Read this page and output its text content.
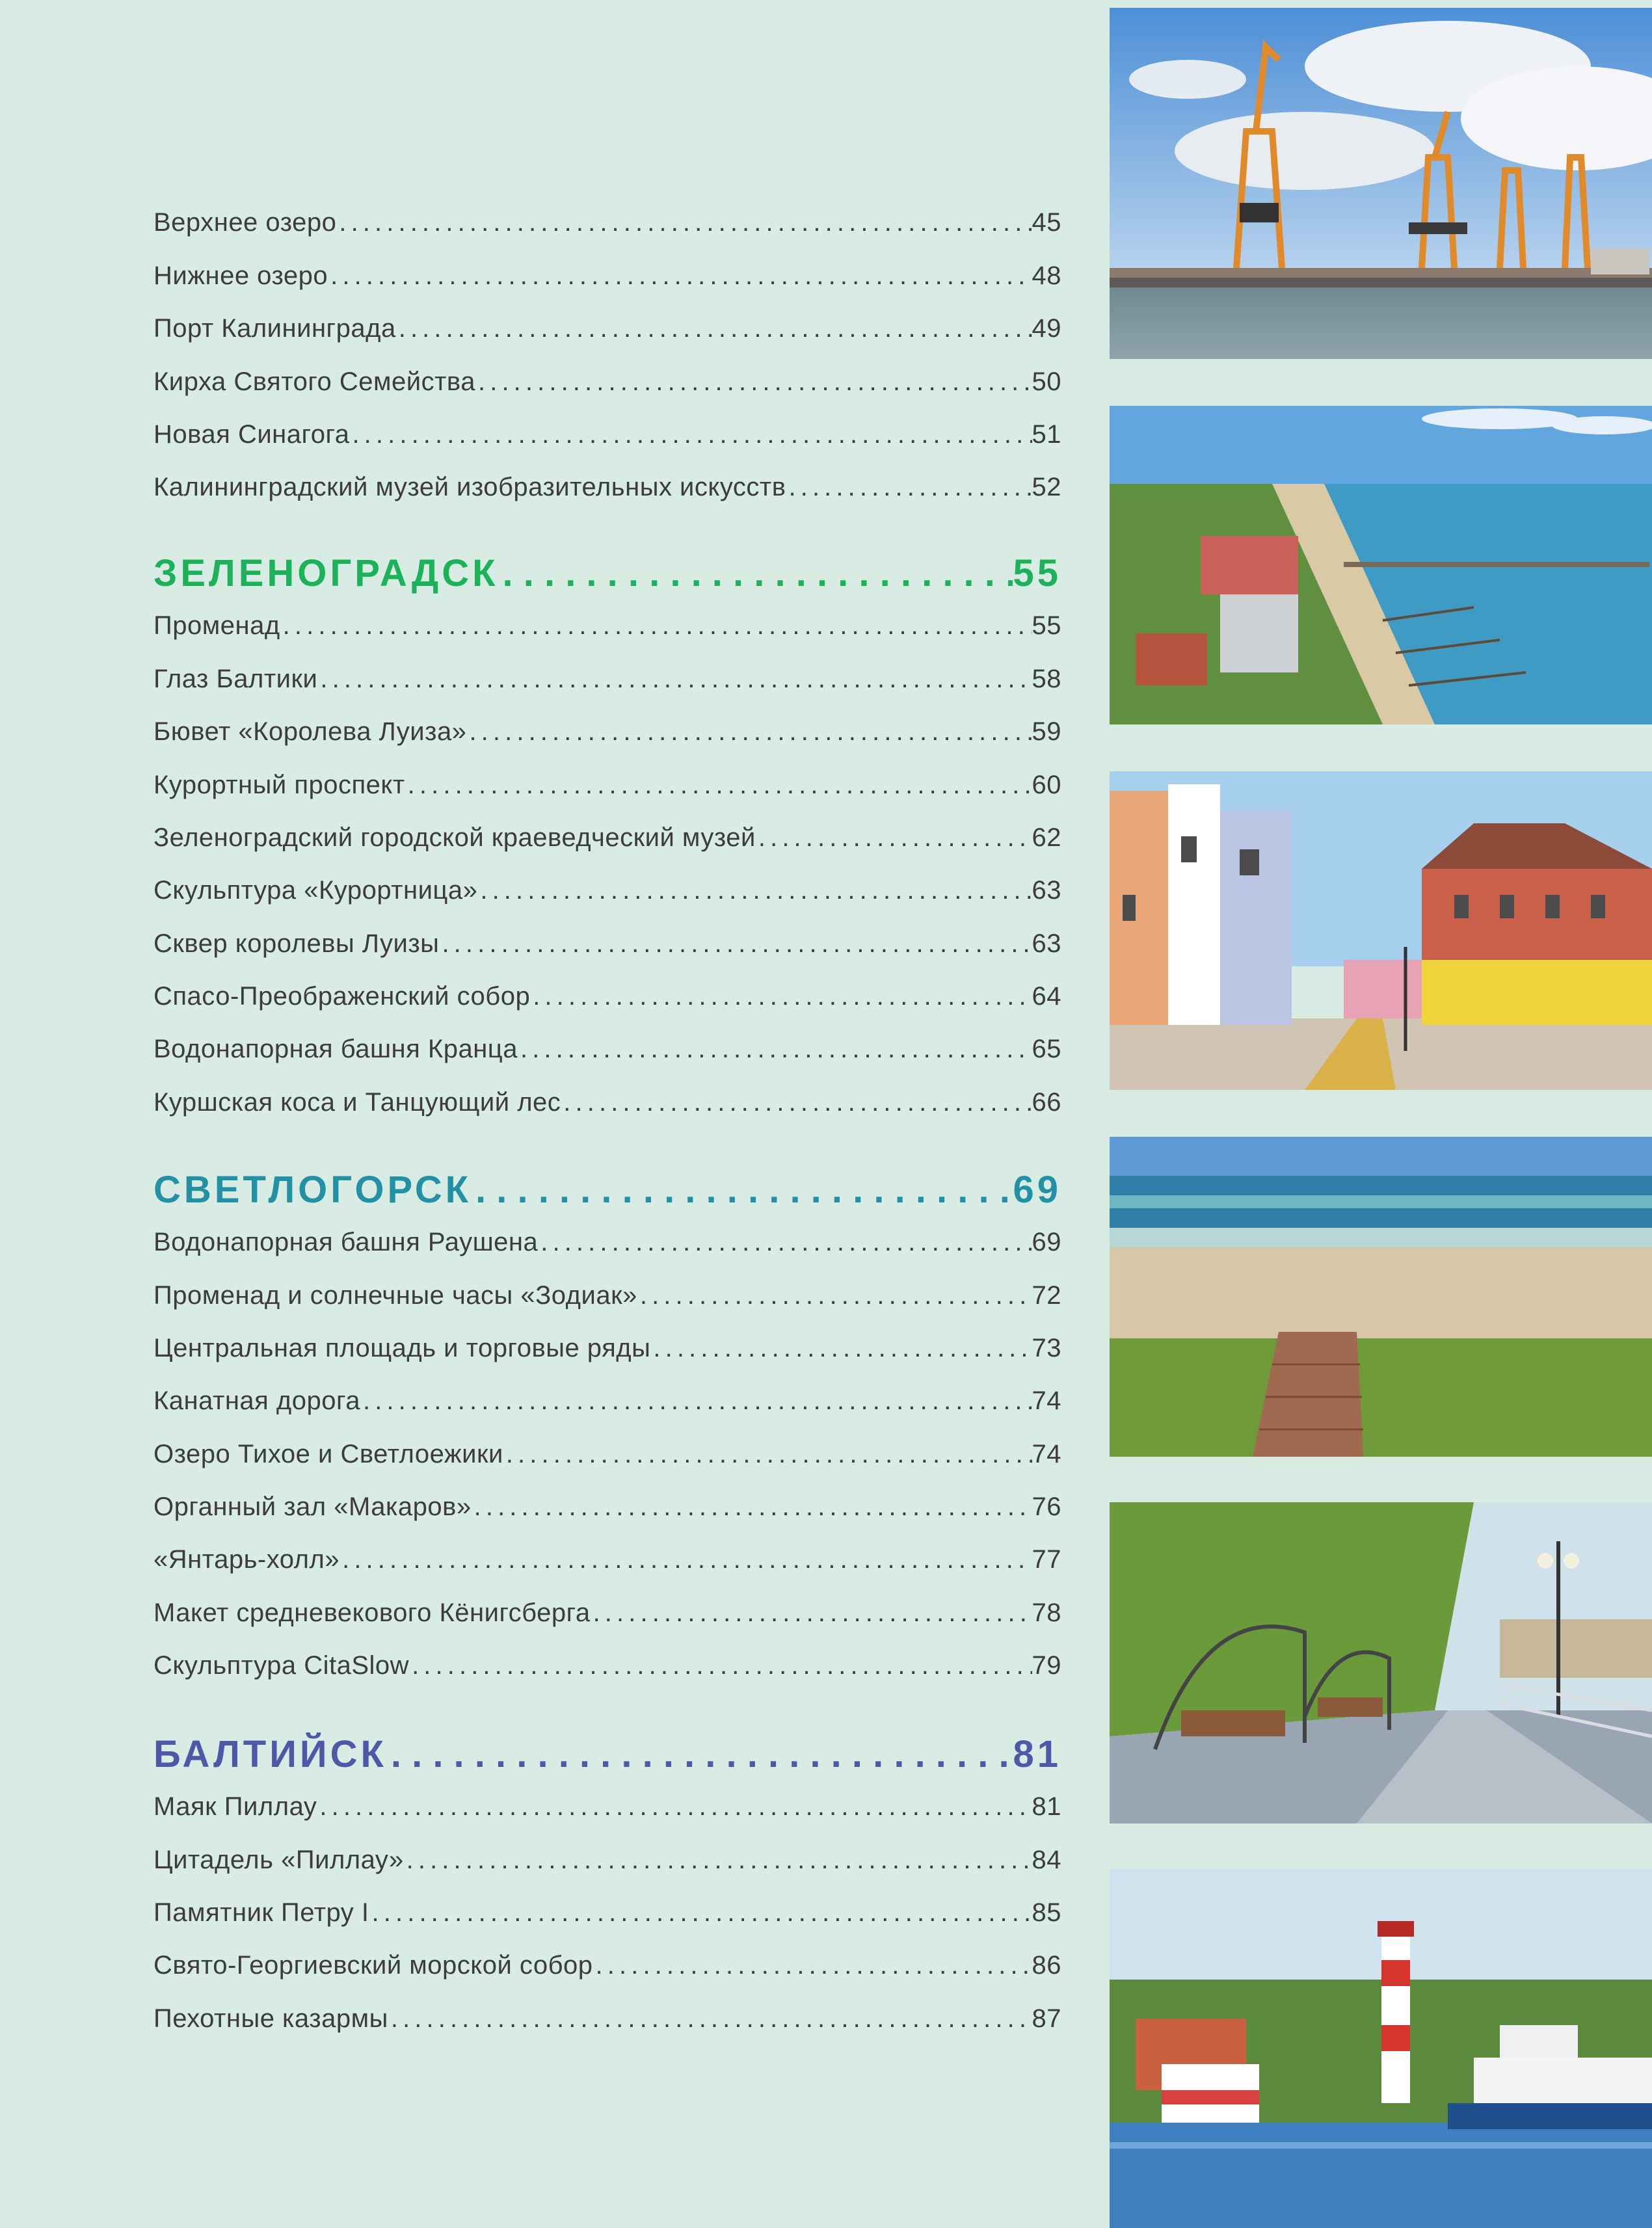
Верхнее озеро . . .	45
Нижнее озеро . . .	48
Порт Калининграда . . .	49
Кирха Святого Семейства . . .	50
Новая Синагога . . .	51
Калининградский музей изобразительных искусств . . .	52
ЗЕЛЕНОГРАДСК . . .	55
Променад . . .	55
Глаз Балтики . . .	58
Бювет «Королева Луиза» . . .	59
Курортный проспект . . .	60
Зеленоградский городской краеведческий музей . . .	62
Скульптура «Курортница» . . .	63
Сквер королевы Луизы . . .	63
Спасо-Преображенский собор . . .	64
Водонапорная башня Кранца . . .	65
Куршская коса и Танцующий лес . . .	66
СВЕТЛОГОРСК . . .	69
Водонапорная башня Раушена . . .	69
Променад и солнечные часы «Зодиак» . . .	72
Центральная площадь и торговые ряды . . .	73
Канатная дорога . . .	74
Озеро Тихое и Светлоежики . . .	74
Органный зал «Макаров» . . .	76
«Янтарь-холл» . . .	77
Макет средневекового Кёнигсберга . . .	78
Скульптура CitaSlow . . .	79
БАЛТИЙСК . . .	81
Маяк Пиллау . . .	81
Цитадель «Пиллау» . . .	84
Памятник Петру I . . .	85
Свято-Георгиевский морской собор . . .	86
Пехотные казармы . . .	87
